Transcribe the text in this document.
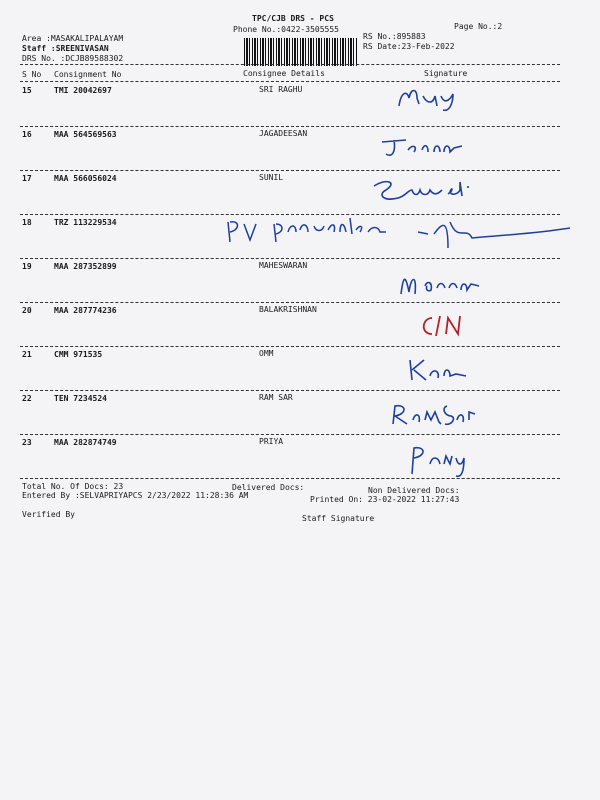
TPC/CJB DRS - PCS
Phone No.:0422-3505555	Page No.:2
Area :MASAKALIPALAYAM
Staff :SREENIVASAN
DRS No. :DCJB89588302
RS No.:895883
RS Date:23-Feb-2022
S No Consignment No	Consignee Details	Signature
15	TMI 20042697	SRI RAGHU
16	MAA 564569563	JAGADEESAN
17	MAA 566056024	SUNIL
18	TRZ 113229534
19	MAA 287352899	MAHESWARAN
20	MAA 287774236	BALAKRISHNAN
21	CMM 971535	OMM
22	TEN 7234524	RAM SAR
23	MAA 282874749	PRIYA
Total No. Of Docs: 23	Delivered Docs:	Non Delivered Docs:
Entered By :SELVAPRIYAPCS 2/23/2022 11:28:36 AM	Printed On: 23-02-2022 11:27:43
Verified By	Staff Signature
